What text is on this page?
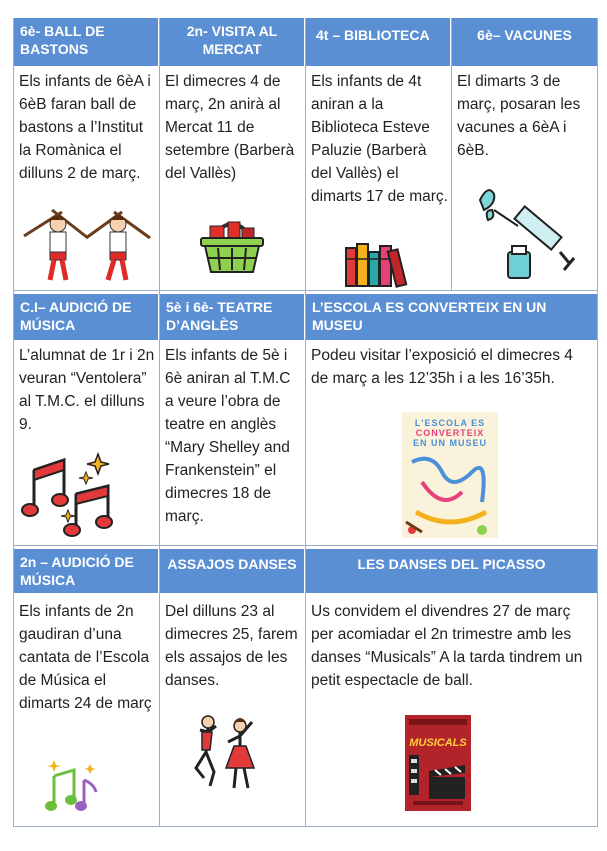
6è- BALL DE BASTONS
2n- VISITA AL MERCAT
4t – BIBLIOTECA	6è– VACUNES
Els infants de 6èA i 6èB faran ball de bastons a l’Institut la Romànica el dilluns 2 de març.
El dimecres 4 de març, 2n anirà al Mercat 11 de setembre (Barberà del Vallès)
Els infants de 4t aniran a la Biblioteca Esteve Paluzie (Barberà del Vallès) el dimarts 17 de març.
El dimarts 3 de març, posaran les vacunes a 6èA i 6èB.
C.I– AUDICIÓ DE MÚSICA
5è i 6è- TEATRE D’ANGLÈS
L’ESCOLA ES CONVERTEIX EN UN MUSEU
L’alumnat de 1r i 2n veuran “Ventolera” al T.M.C. el dilluns 9.
Els infants de 5è i 6è aniran al T.M.C a veure l’obra de teatre en anglès “Mary Shelley and Frankenstein” el dimecres 18 de març.
Podeu visitar l’exposició el dimecres 4 de març a les 12’35h i a les 16’35h.
L'ESCOLA ES
CONVERTEIX
EN UN MUSEU
2n – AUDICIÓ DE MÚSICA
ASSAJOS DANSES	LES DANSES DEL PICASSO
Els infants de 2n gaudiran d’una cantata de l’Escola de Música el dimarts 24 de març
Del dilluns 23 al dimecres 25, farem els assajos de les danses.
Us convidem el divendres 27 de març per acomiadar el 2n trimestre amb les danses “Musicals” A la tarda tindrem un petit espectacle de ball.
MUSICALS
